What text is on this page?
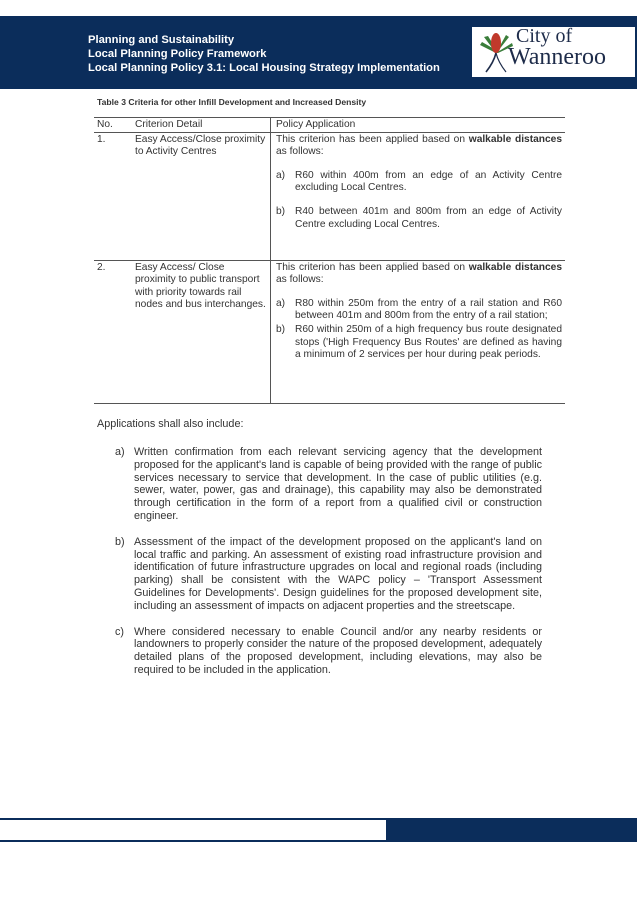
Planning and Sustainability
Local Planning Policy Framework
Local Planning Policy 3.1: Local Housing Strategy Implementation
City of
Wanneroo
Table 3 Criteria for other Infill Development and Increased Density
No.	Criterion Detail	Policy Application
1.	Easy Access/Close proximity to Activity Centres	This criterion has been applied based on walkable distances as follows:

a) R60 within 400m from an edge of an Activity Centre excluding Local Centres.
b) R40 between 401m and 800m from an edge of Activity Centre excluding Local Centres.

2.	Easy Access/ Close proximity to public transport with priority towards rail nodes and bus interchanges.	This criterion has been applied based on walkable distances as follows:

a) R80 within 250m from the entry of a rail station and R60 between 401m and 800m from the entry of a rail station;
b) R60 within 250m of a high frequency bus route designated stops ('High Frequency Bus Routes' are defined as having a minimum of 2 services per hour during peak periods.
Applications shall also include:
a) Written confirmation from each relevant servicing agency that the development proposed for the applicant's land is capable of being provided with the range of public services necessary to service that development. In the case of public utilities (e.g. sewer, water, power, gas and drainage), this capability may also be demonstrated through certification in the form of a report from a qualified civil or construction engineer.
b) Assessment of the impact of the development proposed on the applicant's land on local traffic and parking. An assessment of existing road infrastructure provision and identification of future infrastructure upgrades on local and regional roads (including parking) shall be consistent with the WAPC policy – 'Transport Assessment Guidelines for Developments'. Design guidelines for the proposed development site, including an assessment of impacts on adjacent properties and the streetscape.
c) Where considered necessary to enable Council and/or any nearby residents or landowners to properly consider the nature of the proposed development, adequately detailed plans of the proposed development, including elevations, may also be required to be included in the application.
